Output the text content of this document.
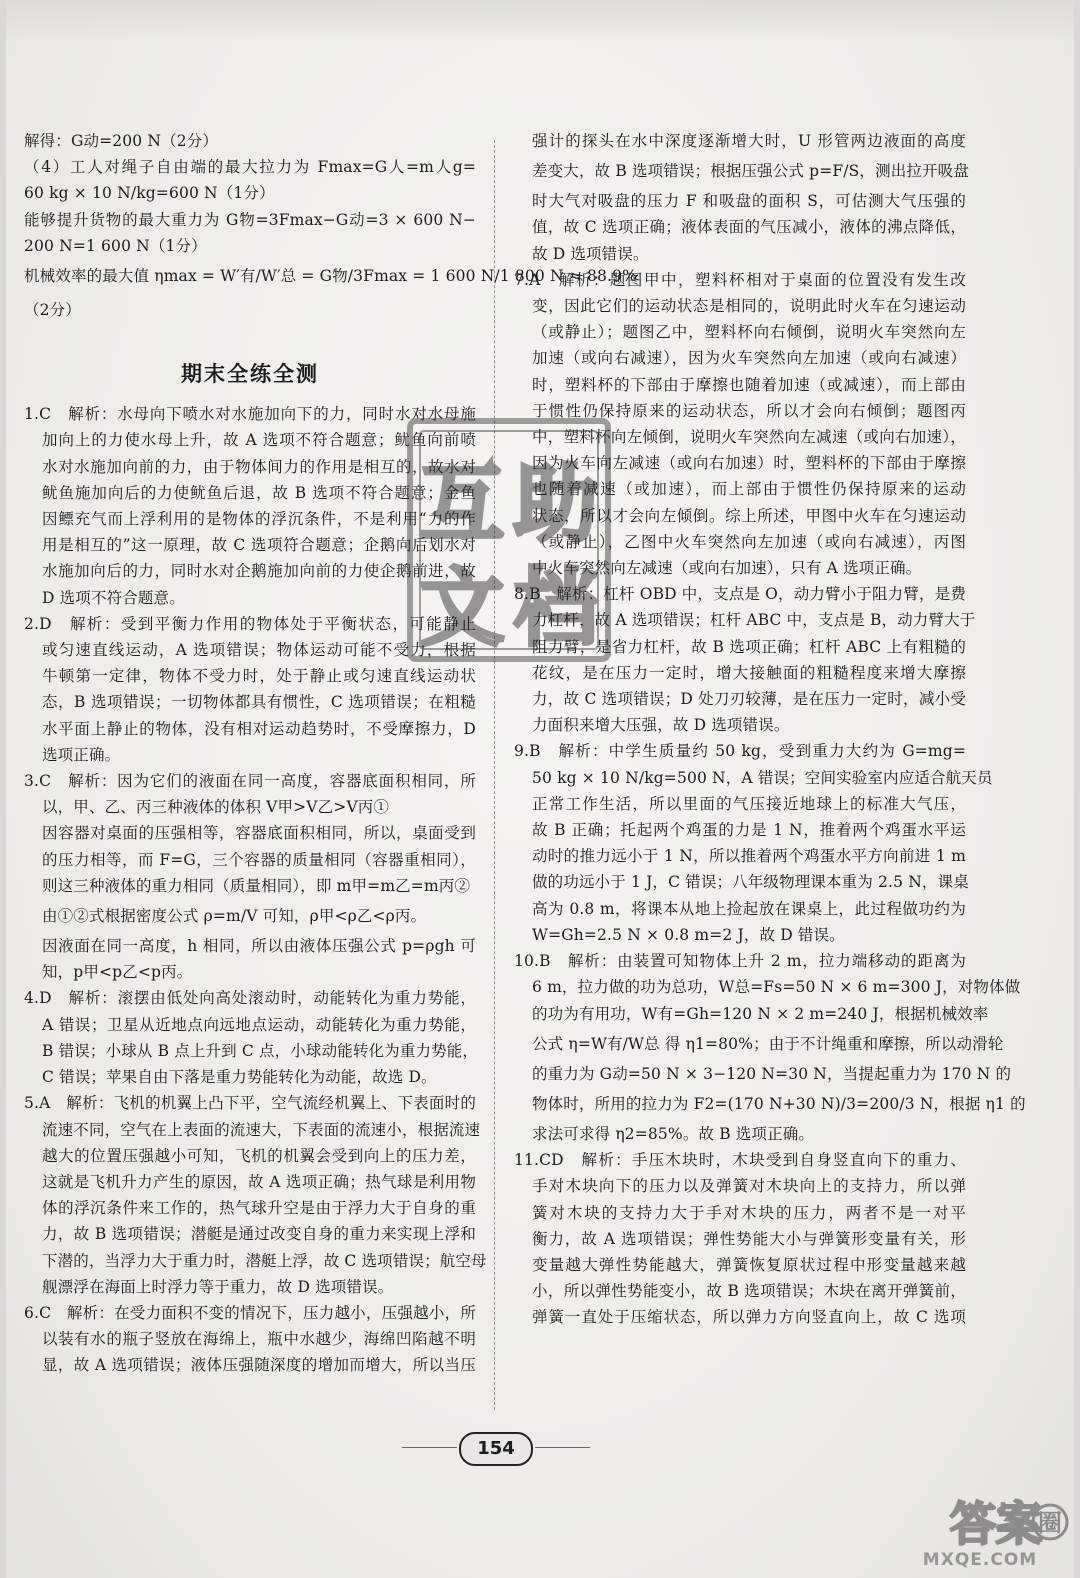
解得：G动=200 N（2分）
（4）工人对绳子自由端的最大拉力为 Fmax=G人=m人g=
60 kg × 10 N/kg=600 N（1分）
能够提升货物的最大重力为 G物=3Fmax−G动=3 × 600 N−
200 N=1 600 N（1分）
机械效率的最大值 ηmax = W′有/W′总 = G物/3Fmax = 1 600 N/1 800 N ≈ 88.9%
（2分）
期末全练全测
1.C　解析：水母向下喷水对水施加向下的力，同时水对水母施
加向上的力使水母上升，故 A 选项不符合题意；鱿鱼向前喷
水对水施加向前的力，由于物体间力的作用是相互的，故水对
鱿鱼施加向后的力使鱿鱼后退，故 B 选项不符合题意；金鱼
因鳔充气而上浮利用的是物体的浮沉条件，不是利用“力的作
用是相互的”这一原理，故 C 选项符合题意；企鹅向后划水对
水施加向后的力，同时水对企鹅施加向前的力使企鹅前进，故
D 选项不符合题意。
2.D　解析：受到平衡力作用的物体处于平衡状态，可能静止
或匀速直线运动，A 选项错误；物体运动可能不受力，根据
牛顿第一定律，物体不受力时，处于静止或匀速直线运动状
态，B 选项错误；一切物体都具有惯性，C 选项错误；在粗糙
水平面上静止的物体，没有相对运动趋势时，不受摩擦力，D
选项正确。
3.C　解析：因为它们的液面在同一高度，容器底面积相同，所
以，甲、乙、丙三种液体的体积 V甲>V乙>V丙①
因容器对桌面的压强相等，容器底面积相同，所以，桌面受到
的压力相等，而 F=G，三个容器的质量相同（容器重相同），
则这三种液体的重力相同（质量相同），即 m甲=m乙=m丙②
由①②式根据密度公式 ρ=m/V 可知，ρ甲<ρ乙<ρ丙。
因液面在同一高度，h 相同，所以由液体压强公式 p=ρgh 可
知，p甲<p乙<p丙。
4.D　解析：滚摆由低处向高处滚动时，动能转化为重力势能，
A 错误；卫星从近地点向远地点运动，动能转化为重力势能，
B 错误；小球从 B 点上升到 C 点，小球动能转化为重力势能，
C 错误；苹果自由下落是重力势能转化为动能，故选 D。
5.A　解析：飞机的机翼上凸下平，空气流经机翼上、下表面时的
流速不同，空气在上表面的流速大，下表面的流速小，根据流速
越大的位置压强越小可知，飞机的机翼会受到向上的压力差，
这就是飞机升力产生的原因，故 A 选项正确；热气球是利用物
体的浮沉条件来工作的，热气球升空是由于浮力大于自身的重
力，故 B 选项错误；潜艇是通过改变自身的重力来实现上浮和
下潜的，当浮力大于重力时，潜艇上浮，故 C 选项错误；航空母
舰漂浮在海面上时浮力等于重力，故 D 选项错误。
6.C　解析：在受力面积不变的情况下，压力越小，压强越小，所
以装有水的瓶子竖放在海绵上，瓶中水越少，海绵凹陷越不明
显，故 A 选项错误；液体压强随深度的增加而增大，所以当压
强计的探头在水中深度逐渐增大时，U 形管两边液面的高度
差变大，故 B 选项错误；根据压强公式 p=F/S，测出拉开吸盘
时大气对吸盘的压力 F 和吸盘的面积 S，可估测大气压强的
值，故 C 选项正确；液体表面的气压减小，液体的沸点降低，
故 D 选项错误。
7.A　解析：题图甲中，塑料杯相对于桌面的位置没有发生改
变，因此它们的运动状态是相同的，说明此时火车在匀速运动
（或静止）；题图乙中，塑料杯向右倾倒，说明火车突然向左
加速（或向右减速），因为火车突然向左加速（或向右减速）
时，塑料杯的下部由于摩擦也随着加速（或减速），而上部由
于惯性仍保持原来的运动状态，所以才会向右倾倒；题图丙
中，塑料杯向左倾倒，说明火车突然向左减速（或向右加速），
因为火车向左减速（或向右加速）时，塑料杯的下部由于摩擦
也随着减速（或加速），而上部由于惯性仍保持原来的运动
状态，所以才会向左倾倒。综上所述，甲图中火车在匀速运动
（或静止），乙图中火车突然向左加速（或向右减速），丙图
中火车突然向左减速（或向右加速），只有 A 选项正确。
8.B　解析：杠杆 OBD 中，支点是 O，动力臂小于阻力臂，是费
力杠杆，故 A 选项错误；杠杆 ABC 中，支点是 B，动力臂大于
阻力臂，是省力杠杆，故 B 选项正确；杠杆 ABC 上有粗糙的
花纹，是在压力一定时，增大接触面的粗糙程度来增大摩擦
力，故 C 选项错误；D 处刀刃较薄，是在压力一定时，减小受
力面积来增大压强，故 D 选项错误。
9.B　解析：中学生质量约 50 kg，受到重力大约为 G=mg=
50 kg × 10 N/kg=500 N，A 错误；空间实验室内应适合航天员
正常工作生活，所以里面的气压接近地球上的标准大气压，
故 B 正确；托起两个鸡蛋的力是 1 N，推着两个鸡蛋水平运
动时的推力远小于 1 N，所以推着两个鸡蛋水平方向前进 1 m
做的功远小于 1 J，C 错误；八年级物理课本重为 2.5 N，课桌
高为 0.8 m，将课本从地上捡起放在课桌上，此过程做功约为
W=Gh=2.5 N × 0.8 m=2 J，故 D 错误。
10.B　解析：由装置可知物体上升 2 m，拉力端移动的距离为
6 m，拉力做的功为总功，W总=Fs=50 N × 6 m=300 J，对物体做
的功为有用功，W有=Gh=120 N × 2 m=240 J，根据机械效率
公式 η=W有/W总 得 η1=80%；由于不计绳重和摩擦，所以动滑轮
的重力为 G动=50 N × 3−120 N=30 N，当提起重力为 170 N 的
物体时，所用的拉力为 F2=(170 N+30 N)/3=200/3 N，根据 η1 的
求法可求得 η2=85%。故 B 选项正确。
11.CD　解析：手压木块时，木块受到自身竖直向下的重力、
手对木块向下的压力以及弹簧对木块向上的支持力，所以弹
簧对木块的支持力大于手对木块的压力，两者不是一对平
衡力，故 A 选项错误；弹性势能大小与弹簧形变量有关，形
变量越大弹性势能越大，弹簧恢复原状过程中形变量越来越
小，所以弹性势能变小，故 B 选项错误；木块在离开弹簧前，
弹簧一直处于压缩状态，所以弹力方向竖直向上，故 C 选项
互 助
文 档
154
答案
圈
MXQE.COM
